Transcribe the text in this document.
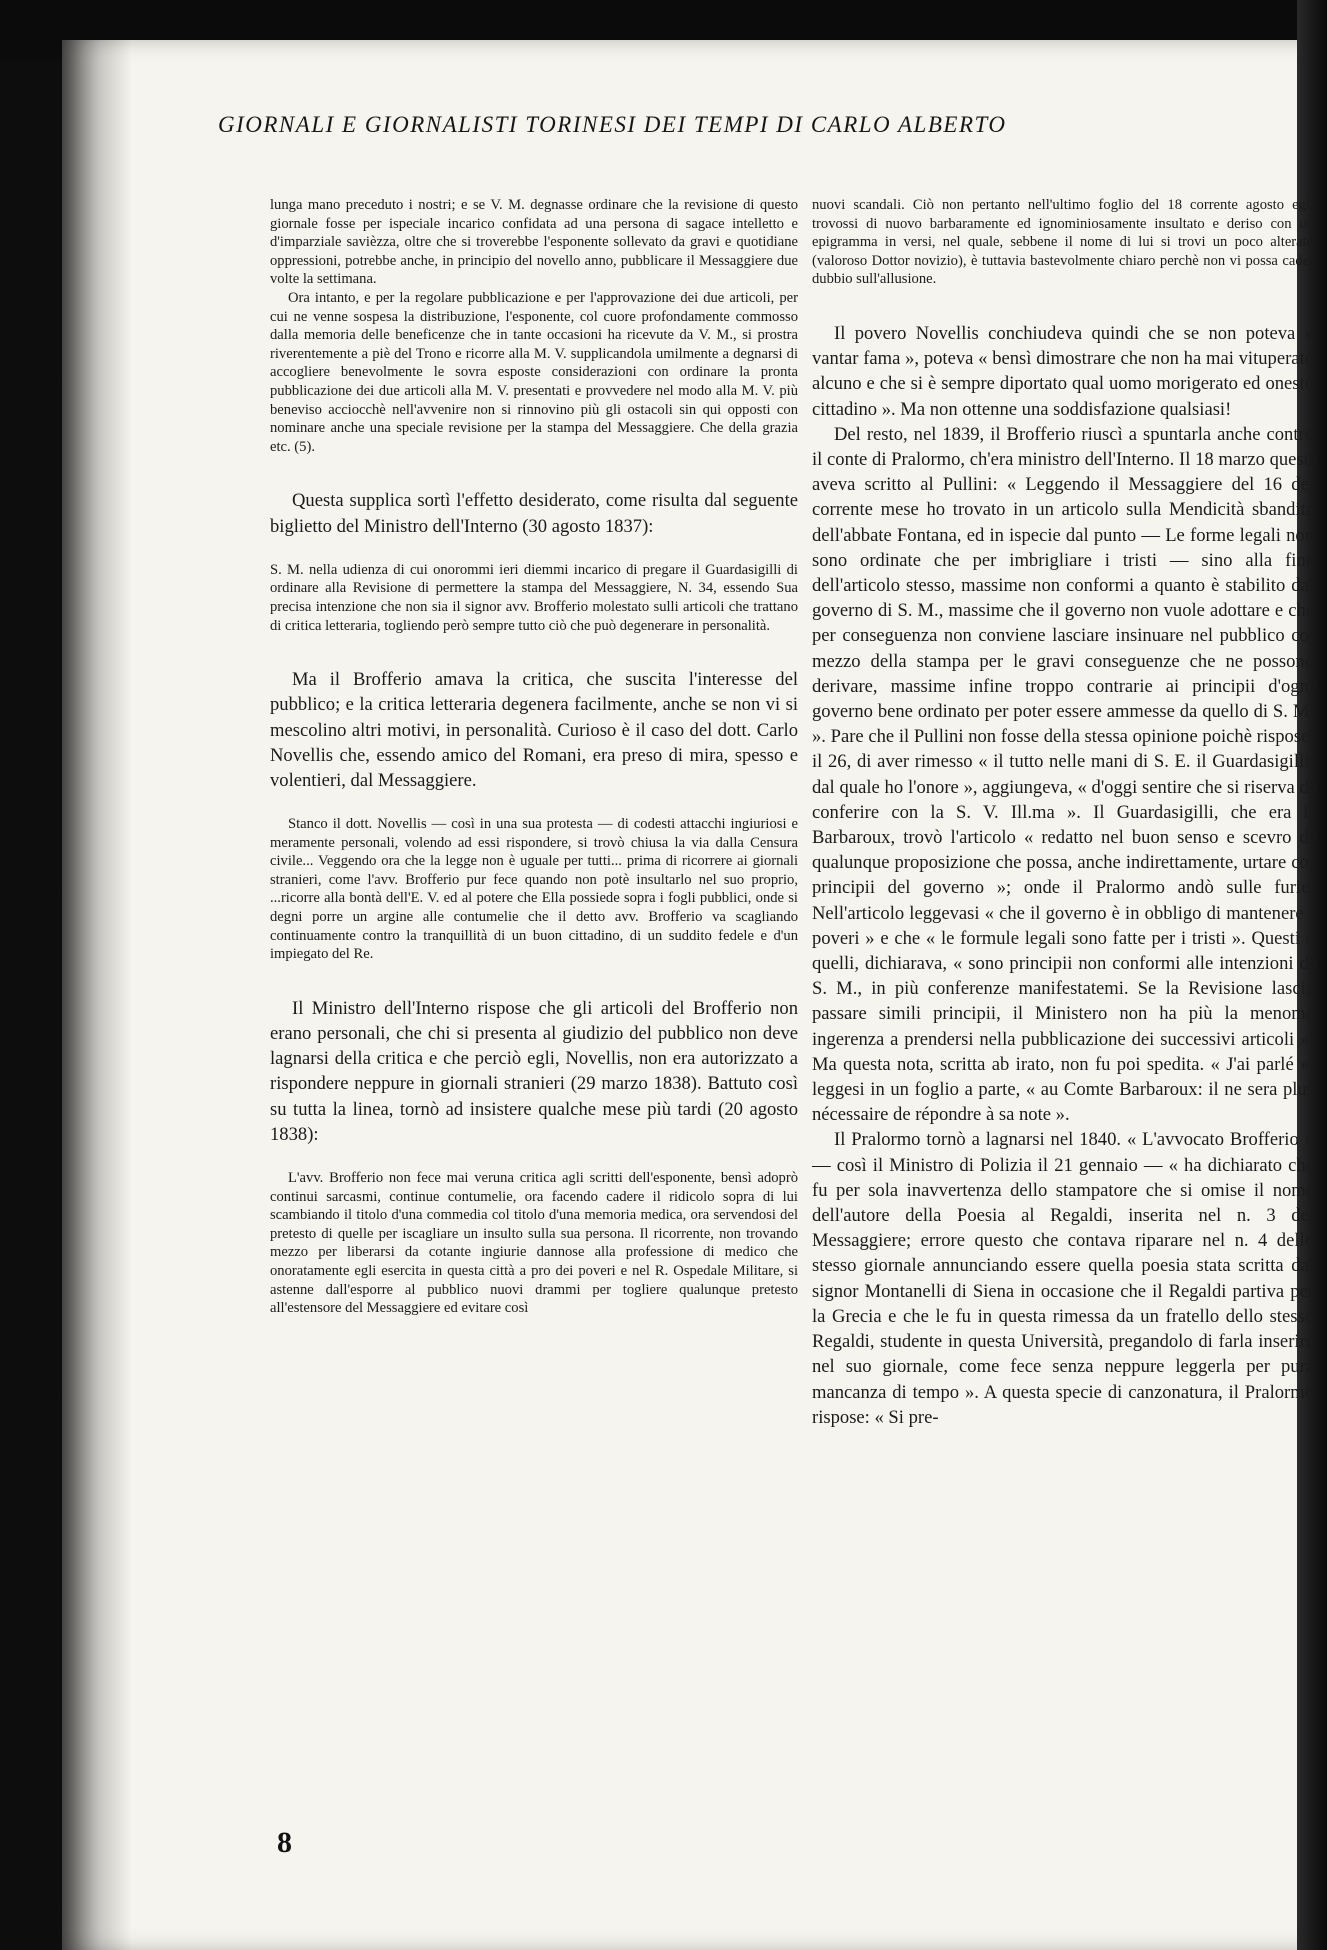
GIORNALI E GIORNALISTI TORINESI DEI TEMPI DI CARLO ALBERTO

lunga mano preceduto i nostri; e se V. M. degnasse ordinare che la revisione di questo giornale fosse per ispeciale incarico confidata ad una persona di sagace intelletto e d'imparziale savièzza, oltre che si troverebbe l'esponente sollevato da gravi e quotidiane oppressioni, potrebbe anche, in principio del novello anno, pubblicare il Messaggiere due volte la settimana.

Ora intanto, e per la regolare pubblicazione e per l'approvazione dei due articoli, per cui ne venne sospesa la distribuzione, l'esponente, col cuore profondamente commosso dalla memoria delle beneficenze che in tante occasioni ha ricevute da V. M., si prostra riverentemente a piè del Trono e ricorre alla M. V. supplicandola umilmente a degnarsi di accogliere benevolmente le sovra esposte considerazioni con ordinare la pronta pubblicazione dei due articoli alla M. V. presentati e provvedere nel modo alla M. V. più beneviso acciocchè nell'avvenire non si rinnovino più gli ostacoli sin qui opposti con nominare anche una speciale revisione per la stampa del Messaggiere. Che della grazia etc. (5).

Questa supplica sortì l'effetto desiderato, come risulta dal seguente biglietto del Ministro dell'Interno (30 agosto 1837):

S. M. nella udienza di cui onorommi ieri diemmi incarico di pregare il Guardasigilli di ordinare alla Revisione di permettere la stampa del Messaggiere, N. 34, essendo Sua precisa intenzione che non sia il signor avv. Brofferio molestato sulli articoli che trattano di critica letteraria, togliendo però sempre tutto ciò che può degenerare in personalità.

Ma il Brofferio amava la critica, che suscita l'interesse del pubblico; e la critica letteraria degenera facilmente, anche se non vi si mescolino altri motivi, in personalità. Curioso è il caso del dott. Carlo Novellis che, essendo amico del Romani, era preso di mira, spesso e volentieri, dal Messaggiere.

Stanco il dott. Novellis — così in una sua protesta — di codesti attacchi ingiuriosi e meramente personali, volendo ad essi rispondere, si trovò chiusa la via dalla Censura civile... Veggendo ora che la legge non è uguale per tutti... prima di ricorrere ai giornali stranieri, come l'avv. Brofferio pur fece quando non potè insultarlo nel suo proprio, ...ricorre alla bontà dell'E. V. ed al potere che Ella possiede sopra i fogli pubblici, onde si degni porre un argine alle contumelie che il detto avv. Brofferio va scagliando continuamente contro la tranquillità di un buon cittadino, di un suddito fedele e d'un impiegato del Re.

Il Ministro dell'Interno rispose che gli articoli del Brofferio non erano personali, che chi si presenta al giudizio del pubblico non deve lagnarsi della critica e che perciò egli, Novellis, non era autorizzato a rispondere neppure in giornali stranieri (29 marzo 1838). Battuto così su tutta la linea, tornò ad insistere qualche mese più tardi (20 agosto 1838):

L'avv. Brofferio non fece mai veruna critica agli scritti dell'esponente, bensì adoprò continui sarcasmi, continue contumelie, ora facendo cadere il ridicolo sopra di lui scambiando il titolo d'una commedia col titolo d'una memoria medica, ora servendosi del pretesto di quelle per iscagliare un insulto sulla sua persona. Il ricorrente, non trovando mezzo per liberarsi da cotante ingiurie dannose alla professione di medico che onoratamente egli esercita in questa città a pro dei poveri e nel R. Ospedale Militare, si astenne dall'esporre al pubblico nuovi drammi per togliere qualunque pretesto all'estensore del Messaggiere ed evitare così

nuovi scandali. Ciò non pertanto nell'ultimo foglio del 18 corrente agosto egli trovossi di nuovo barbaramente ed ignominiosamente insultato e deriso con un epigramma in versi, nel quale, sebbene il nome di lui si trovi un poco alterato (valoroso Dottor novizio), è tuttavia bastevolmente chiaro perchè non vi possa cader dubbio sull'allusione.

Il povero Novellis conchiudeva quindi che se non poteva « vantar fama », poteva « bensì dimostrare che non ha mai vituperato alcuno e che si è sempre diportato qual uomo morigerato ed onesto cittadino ». Ma non ottenne una soddisfazione qualsiasi!

Del resto, nel 1839, il Brofferio riuscì a spuntarla anche contro il conte di Pralormo, ch'era ministro dell'Interno. Il 18 marzo questi aveva scritto al Pullini: « Leggendo il Messaggiere del 16 del corrente mese ho trovato in un articolo sulla Mendicità sbandita dell'abbate Fontana, ed in ispecie dal punto — Le forme legali non sono ordinate che per imbrigliare i tristi — sino alla fine dell'articolo stesso, massime non conformi a quanto è stabilito dal governo di S. M., massime che il governo non vuole adottare e che per conseguenza non conviene lasciare insinuare nel pubblico col mezzo della stampa per le gravi conseguenze che ne possono derivare, massime infine troppo contrarie ai principii d'ogni governo bene ordinato per poter essere ammesse da quello di S. M. ». Pare che il Pullini non fosse della stessa opinione poichè rispose, il 26, di aver rimesso « il tutto nelle mani di S. E. il Guardasigilli, dal quale ho l'onore », aggiungeva, « d'oggi sentire che si riserva di conferire con la S. V. Ill.ma ». Il Guardasigilli, che era il Barbaroux, trovò l'articolo « redatto nel buon senso e scevro di qualunque proposizione che possa, anche indirettamente, urtare coi principii del governo »; onde il Pralormo andò sulle furie. Nell'articolo leggevasi « che il governo è in obbligo di mantenere i poveri » e che « le formule legali sono fatte per i tristi ». Questi e quelli, dichiarava, « sono principii non conformi alle intenzioni di S. M., in più conferenze manifestatemi. Se la Revisione lascia passare simili principii, il Ministero non ha più la menoma ingerenza a prendersi nella pubblicazione dei successivi articoli ». Ma questa nota, scritta ab irato, non fu poi spedita. « J'ai parlé », leggesi in un foglio a parte, « au Comte Barbaroux: il ne sera plus nécessaire de répondre à sa note ».

Il Pralormo tornò a lagnarsi nel 1840. « L'avvocato Brofferio » — così il Ministro di Polizia il 21 gennaio — « ha dichiarato che fu per sola inavvertenza dello stampatore che si omise il nome dell'autore della Poesia al Regaldi, inserita nel n. 3 del Messaggiere; errore questo che contava riparare nel n. 4 dello stesso giornale annunciando essere quella poesia stata scritta dal signor Montanelli di Siena in occasione che il Regaldi partiva per la Grecia e che le fu in questa rimessa da un fratello dello stesso Regaldi, studente in questa Università, pregandolo di farla inserire nel suo giornale, come fece senza neppure leggerla per pura mancanza di tempo ». A questa specie di canzonatura, il Pralormo rispose: « Si pre-

8
